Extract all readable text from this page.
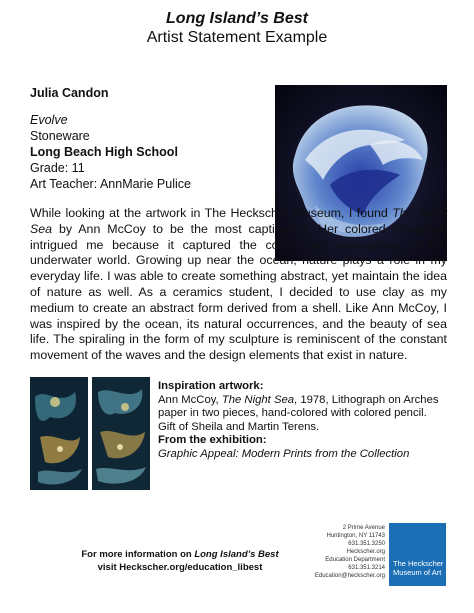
Long Island’s Best
Artist Statement Example
Julia Candon
Evolve
Stoneware
Long Beach High School
Grade: 11
Art Teacher: AnnMarie Pulice
While looking at the artwork in The Heckscher Museum, I found The Night Sea by Ann McCoy to be the most captivating. Her colored lithograph intrigued me because it captured the colors and atmosphere of the underwater world. Growing up near the ocean, nature plays a role in my everyday life. I was able to create something abstract, yet maintain the idea of nature as well. As a ceramics student, I decided to use clay as my medium to create an abstract form derived from a shell. Like Ann McCoy, I was inspired by the ocean, its natural occurrences, and the beauty of sea life. The spiraling in the form of my sculpture is reminiscent of the constant movement of the waves and the design elements that exist in nature.
Inspiration artwork:
Ann McCoy, The Night Sea, 1978, Lithograph on Arches
paper in two pieces, hand-colored with colored pencil.
Gift of Sheila and Martin Terens.
From the exhibition:
Graphic Appeal: Modern Prints from the Collection
For more information on Long Island’s Best
visit Heckscher.org/education_libest
2 Prime Avenue
Huntington, NY 11743
631.351.3250
Heckscher.org
Education Department
631.351.3214
Education@heckscher.org
The Heckscher
Museum of Art
